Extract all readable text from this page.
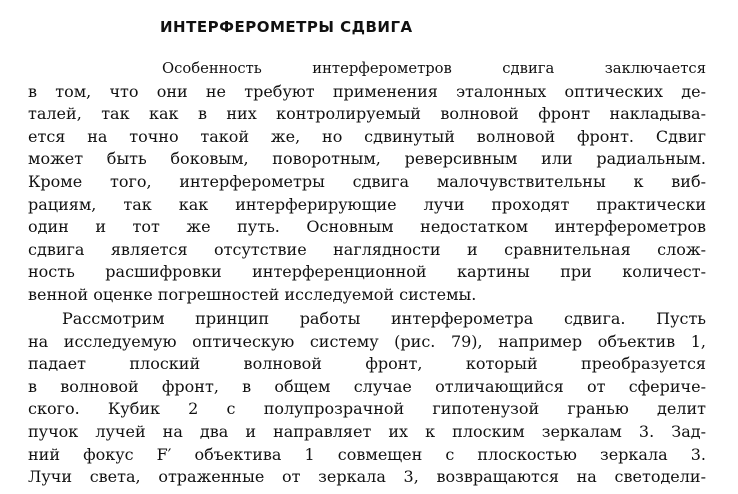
ИНТЕРФЕРОМЕТРЫ СДВИГА
Особенность интерферометров сдвига заключается
в том, что они не требуют применения эталонных оптических де-
талей, так как в них контролируемый волновой фронт накладыва-
ется на точно такой же, но сдвинутый волновой фронт. Сдвиг
может быть боковым, поворотным, реверсивным или радиальным.
Кроме того, интерферометры сдвига малочувствительны к виб-
рациям, так как интерферирующие лучи проходят практически
один и тот же путь. Основным недостатком интерферометров
сдвига является отсутствие наглядности и сравнительная слож-
ность расшифровки интерференционной картины при количест-
венной оценке погрешностей исследуемой системы.
Рассмотрим принцип работы интерферометра сдвига. Пусть
на исследуемую оптическую систему (рис. 79), например объектив 1,
падает плоский волновой фронт, который преобразуется
в волновой фронт, в общем случае отличающийся от сфериче-
ского. Кубик 2 с полупрозрачной гипотенузой гранью делит
пучок лучей на два и направляет их к плоским зеркалам 3. Зад-
ний фокус F′ объектива 1 совмещен с плоскостью зеркала 3.
Лучи света, отраженные от зеркала 3, возвращаются на светодели-
